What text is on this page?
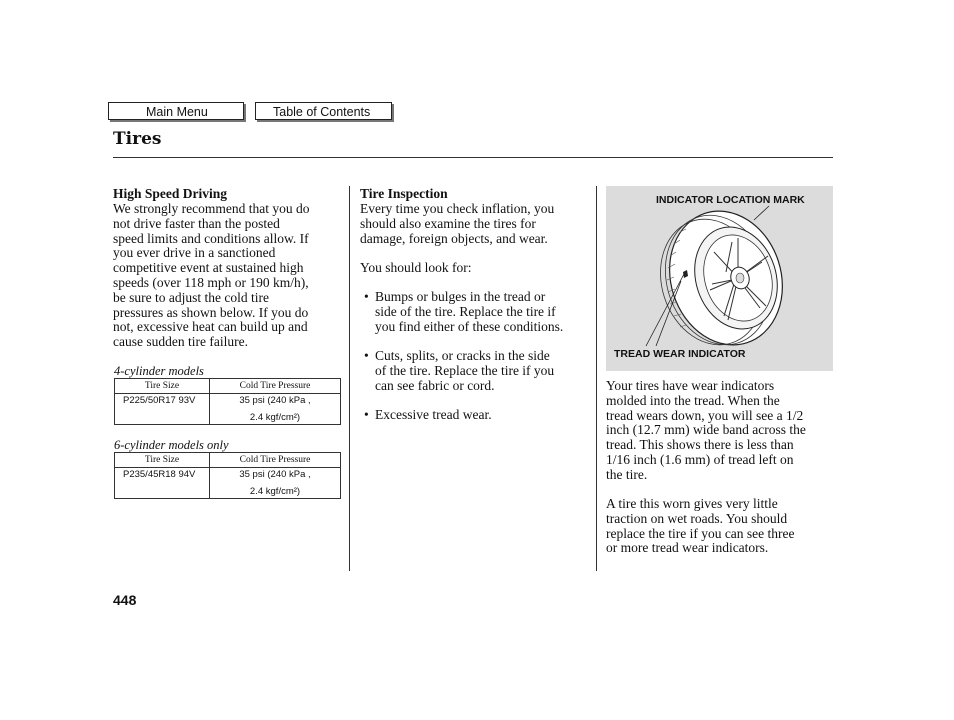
Main Menu	Table of Contents
Tires
High Speed Driving

We strongly recommend that you do
not drive faster than the posted
speed limits and conditions allow. If
you ever drive in a sanctioned
competitive event at sustained high
speeds (over 118 mph or 190 km/h),
be sure to adjust the cold tire
pressures as shown below. If you do
not, excessive heat can build up and
cause sudden tire failure.

4-cylinder models

Tire Size	Cold Tire Pressure
P225/50R17 93V	35 psi (240 kPa ,
2.4 kgf/cm²)

6-cylinder models only

Tire Size	Cold Tire Pressure
P235/45R18 94V	35 psi (240 kPa ,
2.4 kgf/cm²)
Tire Inspection

Every time you check inflation, you
should also examine the tires for
damage, foreign objects, and wear.

You should look for:

• Bumps or bulges in the tread or
side of the tire. Replace the tire if
you find either of these conditions.
• Cuts, splits, or cracks in the side
of the tire. Replace the tire if you
can see fabric or cord.
• Excessive tread wear.
INDICATOR LOCATION MARK
TREAD WEAR INDICATOR

Your tires have wear indicators
molded into the tread. When the
tread wears down, you will see a 1/2
inch (12.7 mm) wide band across the
tread. This shows there is less than
1/16 inch (1.6 mm) of tread left on
the tire.

A tire this worn gives very little
traction on wet roads. You should
replace the tire if you can see three
or more tread wear indicators.

448
